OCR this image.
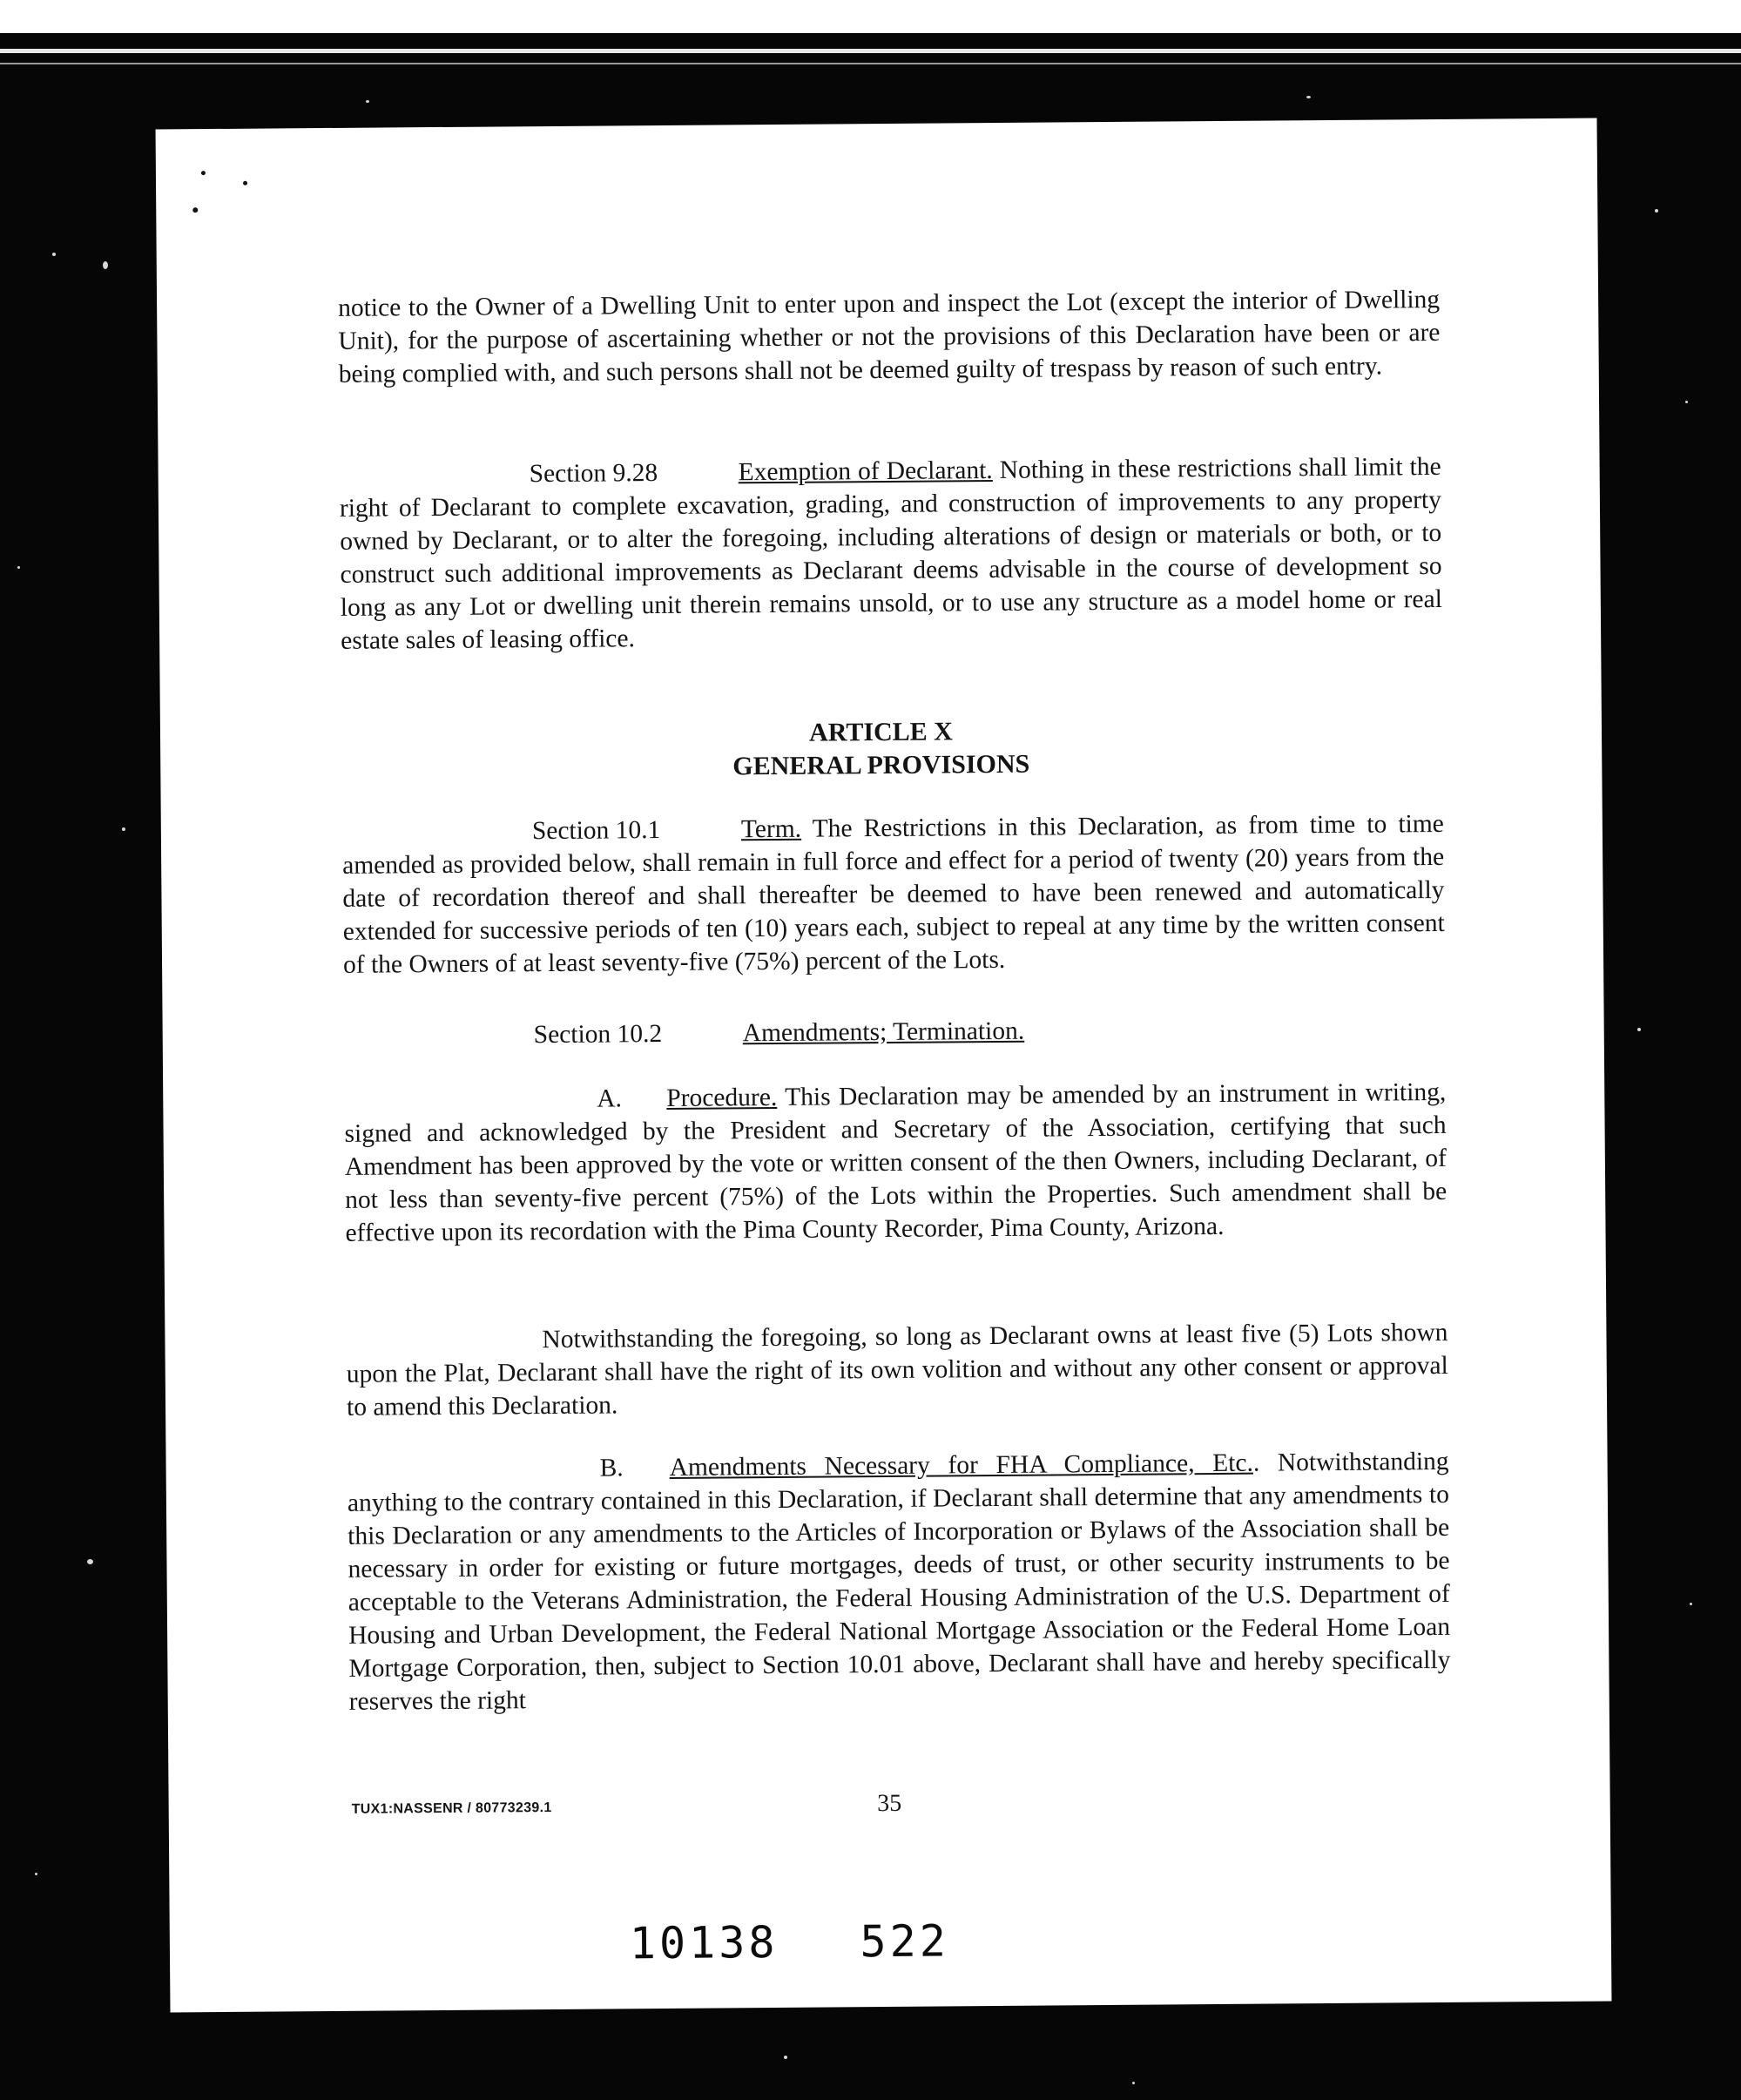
notice to the Owner of a Dwelling Unit to enter upon and inspect the Lot (except the interior of Dwelling Unit), for the purpose of ascertaining whether or not the provisions of this Declaration have been or are being complied with, and such persons shall not be deemed guilty of trespass by reason of such entry.

Section 9.28	Exemption of Declarant. Nothing in these restrictions shall limit the right of Declarant to complete excavation, grading, and construction of improvements to any property owned by Declarant, or to alter the foregoing, including alterations of design or materials or both, or to construct such additional improvements as Declarant deems advisable in the course of development so long as any Lot or dwelling unit therein remains unsold, or to use any structure as a model home or real estate sales of leasing office.

ARTICLE X
GENERAL PROVISIONS

Section 10.1	Term. The Restrictions in this Declaration, as from time to time amended as provided below, shall remain in full force and effect for a period of twenty (20) years from the date of recordation thereof and shall thereafter be deemed to have been renewed and automatically extended for successive periods of ten (10) years each, subject to repeal at any time by the written consent of the Owners of at least seventy-five (75%) percent of the Lots.

Section 10.2	Amendments; Termination.

A. Procedure. This Declaration may be amended by an instrument in writing, signed and acknowledged by the President and Secretary of the Association, certifying that such Amendment has been approved by the vote or written consent of the then Owners, including Declarant, of not less than seventy-five percent (75%) of the Lots within the Properties. Such amendment shall be effective upon its recordation with the Pima County Recorder, Pima County, Arizona.

Notwithstanding the foregoing, so long as Declarant owns at least five (5) Lots shown upon the Plat, Declarant shall have the right of its own volition and without any other consent or approval to amend this Declaration.

B. Amendments Necessary for FHA Compliance, Etc.. Notwithstanding anything to the contrary contained in this Declaration, if Declarant shall determine that any amendments to this Declaration or any amendments to the Articles of Incorporation or Bylaws of the Association shall be necessary in order for existing or future mortgages, deeds of trust, or other security instruments to be acceptable to the Veterans Administration, the Federal Housing Administration of the U.S. Department of Housing and Urban Development, the Federal National Mortgage Association or the Federal Home Loan Mortgage Corporation, then, subject to Section 10.01 above, Declarant shall have and hereby specifically reserves the right

TUX1:NASSENR / 80773239.1	35
10138 522
